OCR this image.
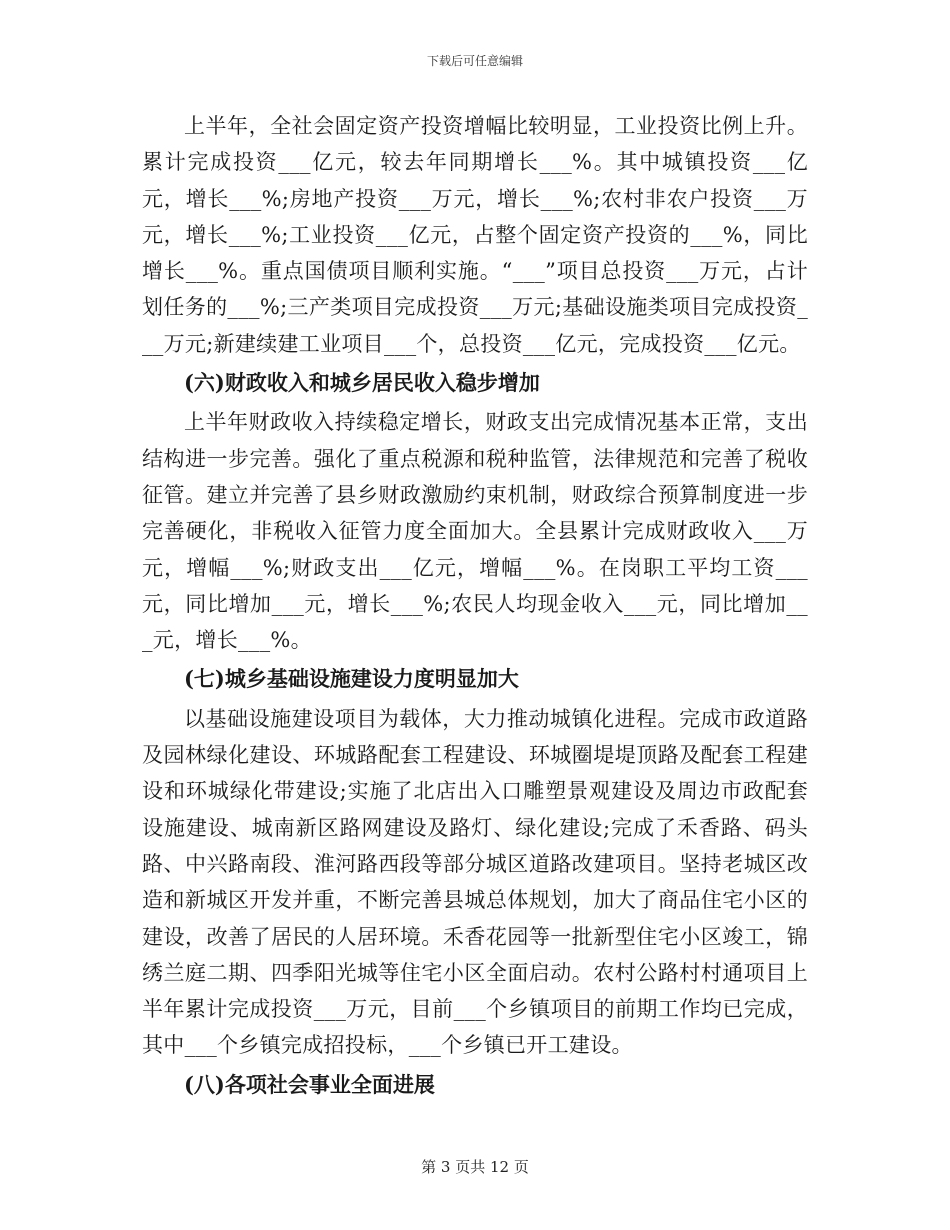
下载后可任意编辑

上半年，全社会固定资产投资增幅比较明显，工业投资比例上升。累计完成投资___亿元，较去年同期增长___%。其中城镇投资___亿元，增长___%;房地产投资___万元，增长___%;农村非农户投资___万元，增长___%;工业投资___亿元，占整个固定资产投资的___%，同比增长___%。重点国债项目顺利实施。“___”项目总投资___万元，占计划任务的___%;三产类项目完成投资___万元;基础设施类项目完成投资___万元;新建续建工业项目___个，总投资___亿元，完成投资___亿元。

(六)财政收入和城乡居民收入稳步增加

上半年财政收入持续稳定增长，财政支出完成情况基本正常，支出结构进一步完善。强化了重点税源和税种监管，法律规范和完善了税收征管。建立并完善了县乡财政激励约束机制，财政综合预算制度进一步完善硬化，非税收入征管力度全面加大。全县累计完成财政收入___万元，增幅___%;财政支出___亿元，增幅___%。在岗职工平均工资___元，同比增加___元，增长___%;农民人均现金收入___元，同比增加___元，增长___%。

(七)城乡基础设施建设力度明显加大

以基础设施建设项目为载体，大力推动城镇化进程。完成市政道路及园林绿化建设、环城路配套工程建设、环城圈堤堤顶路及配套工程建设和环城绿化带建设;实施了北店出入口雕塑景观建设及周边市政配套设施建设、城南新区路网建设及路灯、绿化建设;完成了禾香路、码头路、中兴路南段、淮河路西段等部分城区道路改建项目。坚持老城区改造和新城区开发并重，不断完善县城总体规划，加大了商品住宅小区的建设，改善了居民的人居环境。禾香花园等一批新型住宅小区竣工，锦绣兰庭二期、四季阳光城等住宅小区全面启动。农村公路村村通项目上半年累计完成投资___万元，目前___个乡镇项目的前期工作均已完成，其中___个乡镇完成招投标，___个乡镇已开工建设。

(八)各项社会事业全面进展

第 3 页共 12 页
